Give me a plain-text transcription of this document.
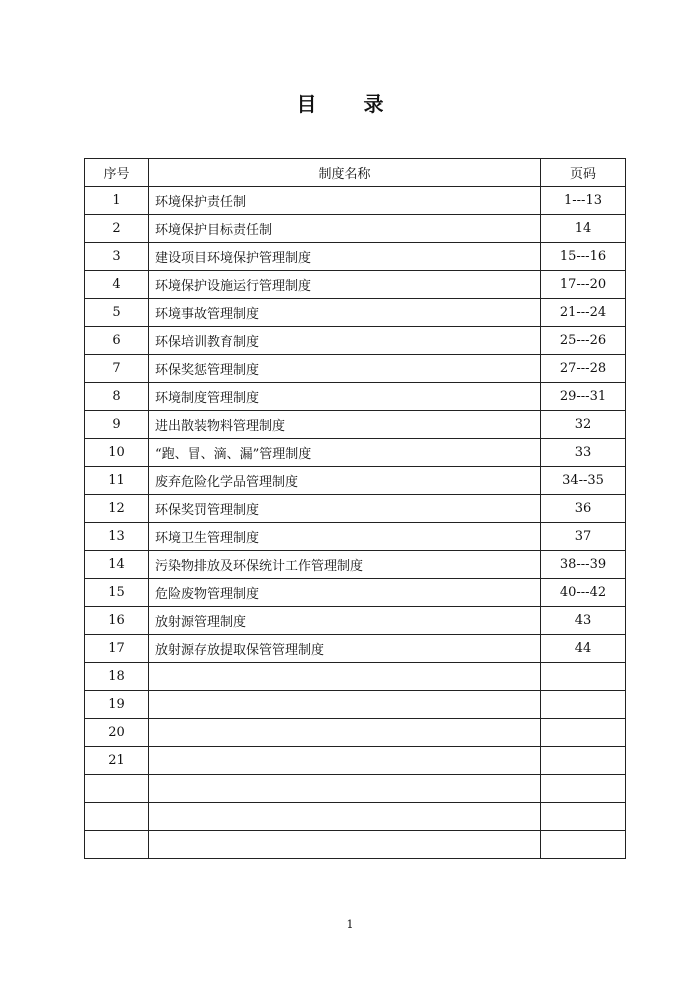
目 录
序号	制度名称	页码
1	环境保护责任制	1---13
2	环境保护目标责任制	14
3	建设项目环境保护管理制度	15---16
4	环境保护设施运行管理制度	17---20
5	环境事故管理制度	21---24
6	环保培训教育制度	25---26
7	环保奖惩管理制度	27---28
8	环境制度管理制度	29---31
9	进出散装物料管理制度	32
10	“跑、冒、滴、漏”管理制度	33
11	废弃危险化学品管理制度	34--35
12	环保奖罚管理制度	36
13	环境卫生管理制度	37
14	污染物排放及环保统计工作管理制度	38---39
15	危险废物管理制度	40---42
16	放射源管理制度	43
17	放射源存放提取保管管理制度	44
18		
19		
20		
21		

1
